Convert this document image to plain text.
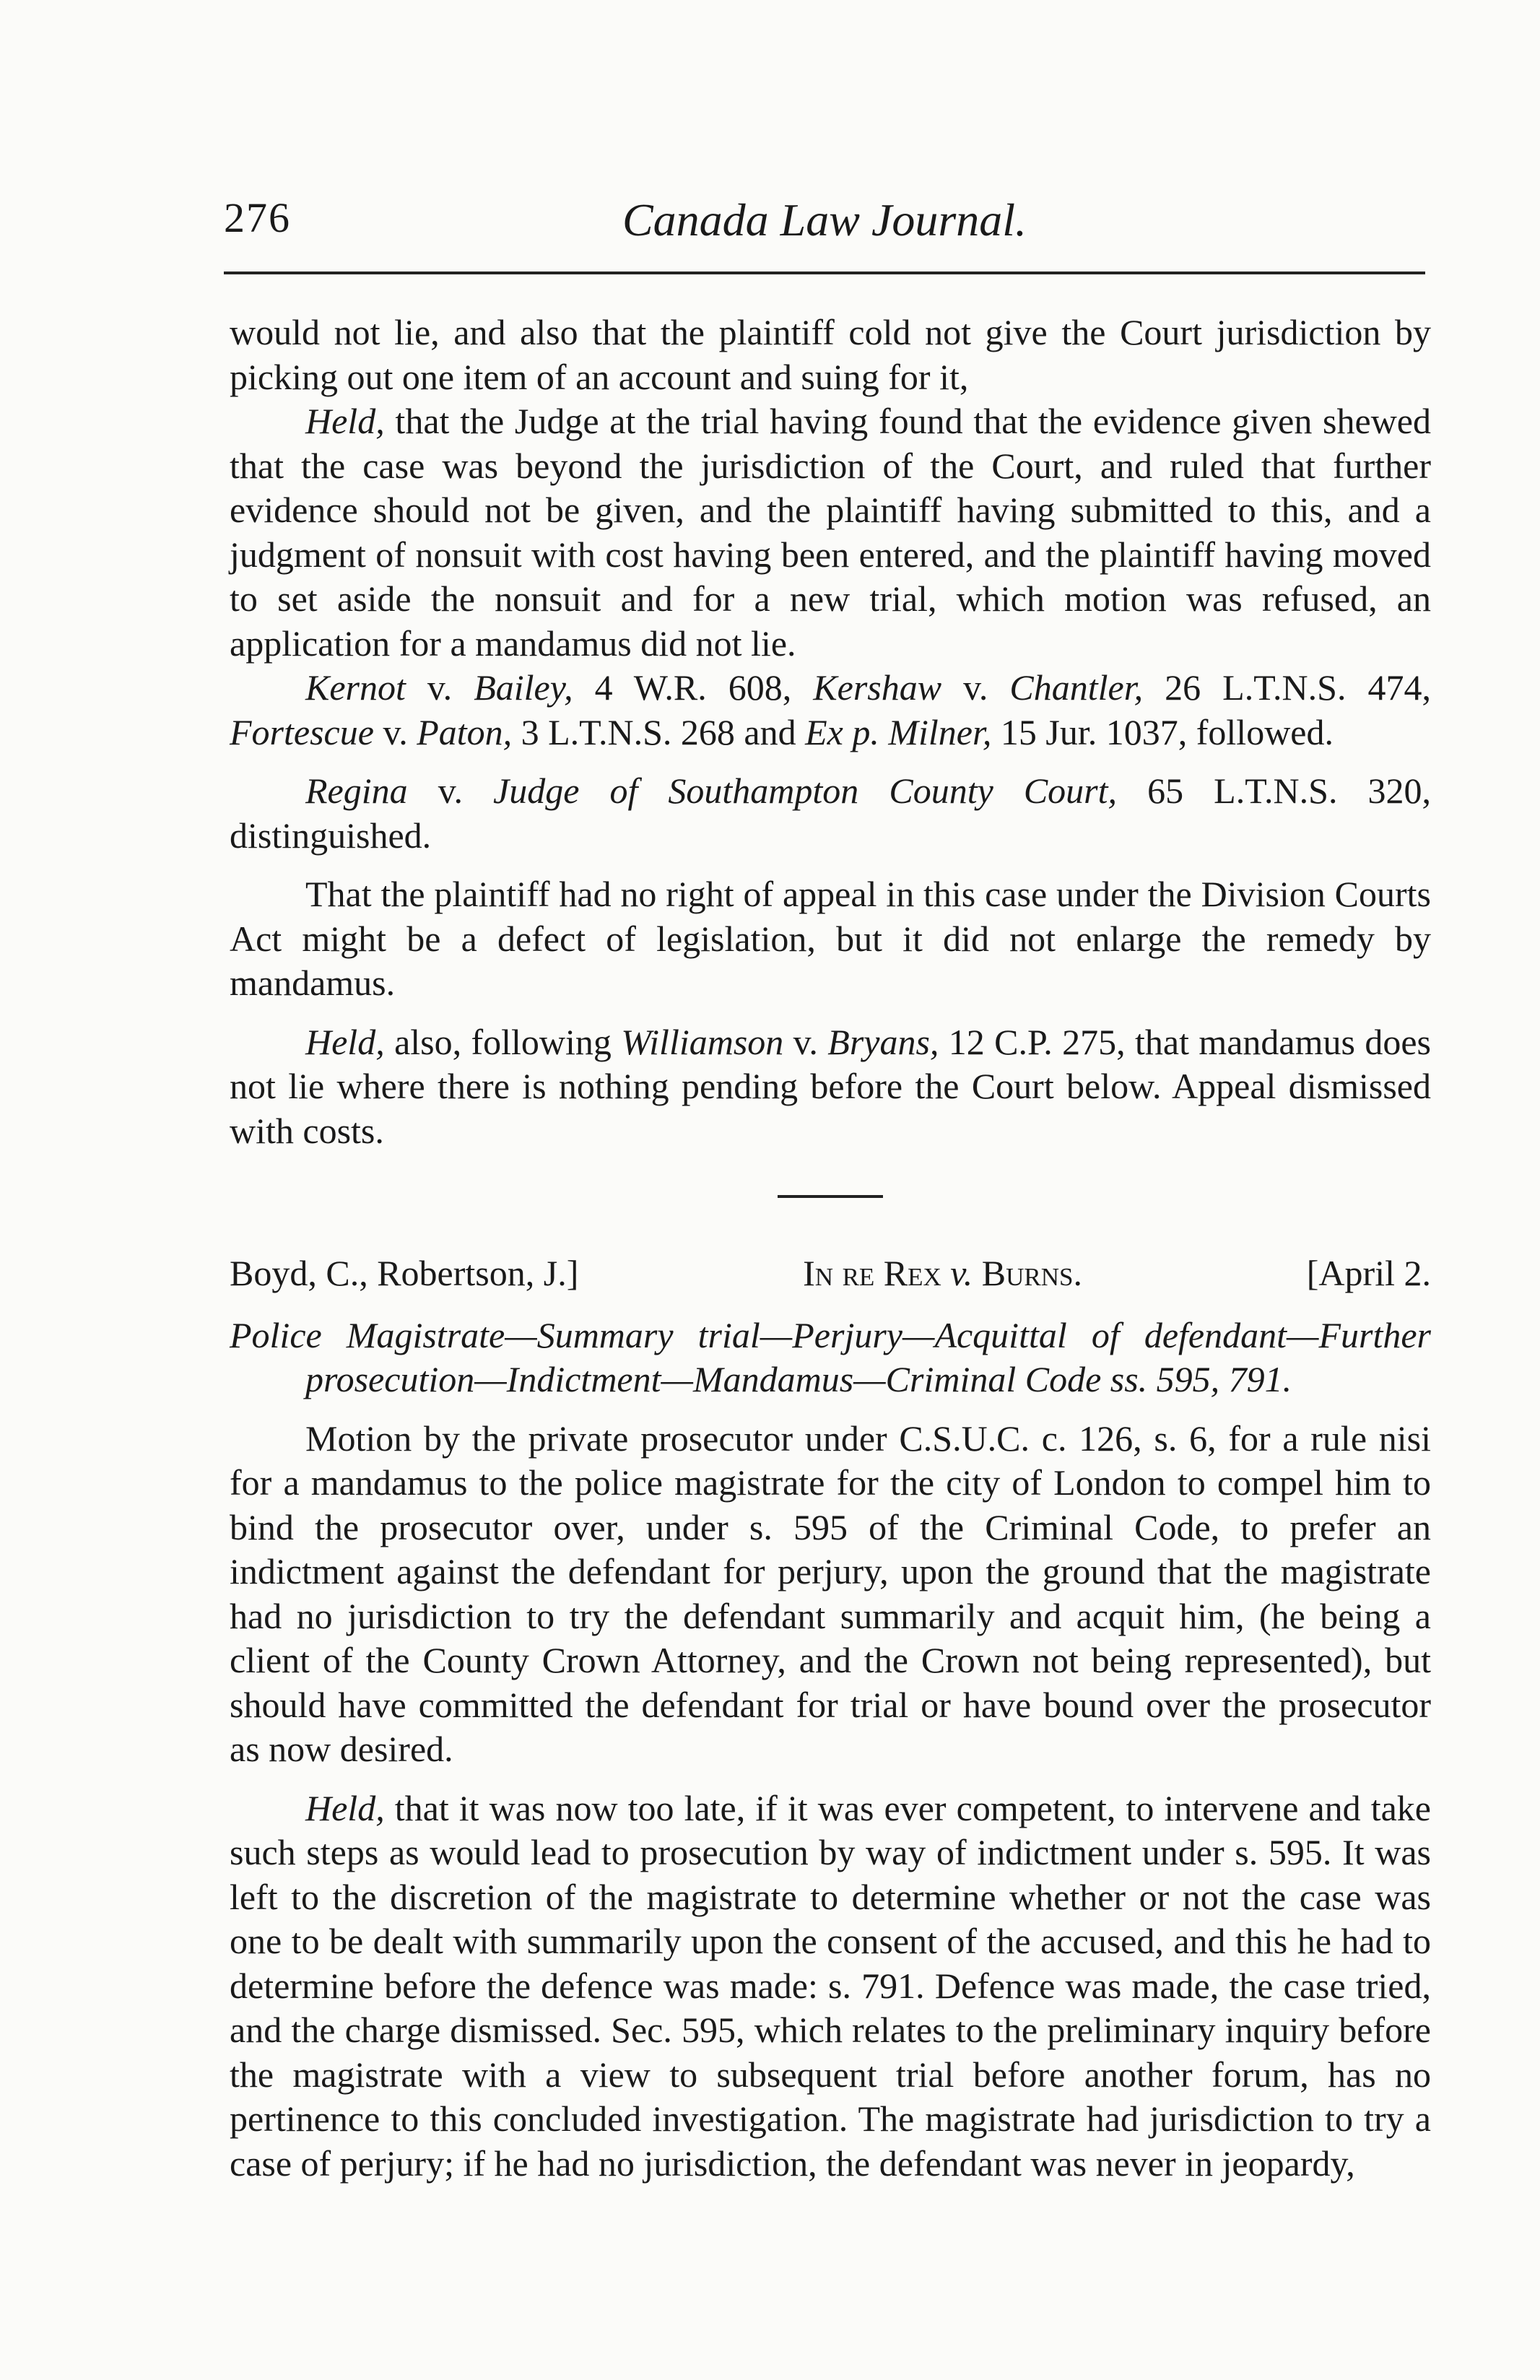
276	Canada Law Journal.

would not lie, and also that the plaintiff cold not give the Court jurisdiction by picking out one item of an account and suing for it,

Held, that the Judge at the trial having found that the evidence given shewed that the case was beyond the jurisdiction of the Court, and ruled that further evidence should not be given, and the plaintiff having submitted to this, and a judgment of nonsuit with cost having been entered, and the plaintiff having moved to set aside the nonsuit and for a new trial, which motion was refused, an application for a mandamus did not lie.

Kernot v. Bailey, 4 W.R. 608, Kershaw v. Chantler, 26 L.T.N.S. 474, Fortescue v. Paton, 3 L.T.N.S. 268 and Ex p. Milner, 15 Jur. 1037, followed.

Regina v. Judge of Southampton County Court, 65 L.T.N.S. 320, distinguished.

That the plaintiff had no right of appeal in this case under the Division Courts Act might be a defect of legislation, but it did not enlarge the remedy by mandamus.

Held, also, following Williamson v. Bryans, 12 C.P. 275, that mandamus does not lie where there is nothing pending before the Court below. Appeal dismissed with costs.

Boyd, C., Robertson, J.]	In re Rex v. Burns.	[April 2.

Police Magistrate—Summary trial—Perjury—Acquittal of defendant—Further prosecution—Indictment—Mandamus—Criminal Code ss. 595, 791.

Motion by the private prosecutor under C.S.U.C. c. 126, s. 6, for a rule nisi for a mandamus to the police magistrate for the city of London to compel him to bind the prosecutor over, under s. 595 of the Criminal Code, to prefer an indictment against the defendant for perjury, upon the ground that the magistrate had no jurisdiction to try the defendant summarily and acquit him, (he being a client of the County Crown Attorney, and the Crown not being represented), but should have committed the defendant for trial or have bound over the prosecutor as now desired.

Held, that it was now too late, if it was ever competent, to intervene and take such steps as would lead to prosecution by way of indictment under s. 595. It was left to the discretion of the magistrate to determine whether or not the case was one to be dealt with summarily upon the consent of the accused, and this he had to determine before the defence was made: s. 791. Defence was made, the case tried, and the charge dismissed. Sec. 595, which relates to the preliminary inquiry before the magistrate with a view to subsequent trial before another forum, has no pertinence to this concluded investigation. The magistrate had jurisdiction to try a case of perjury; if he had no jurisdiction, the defendant was never in jeopardy,
